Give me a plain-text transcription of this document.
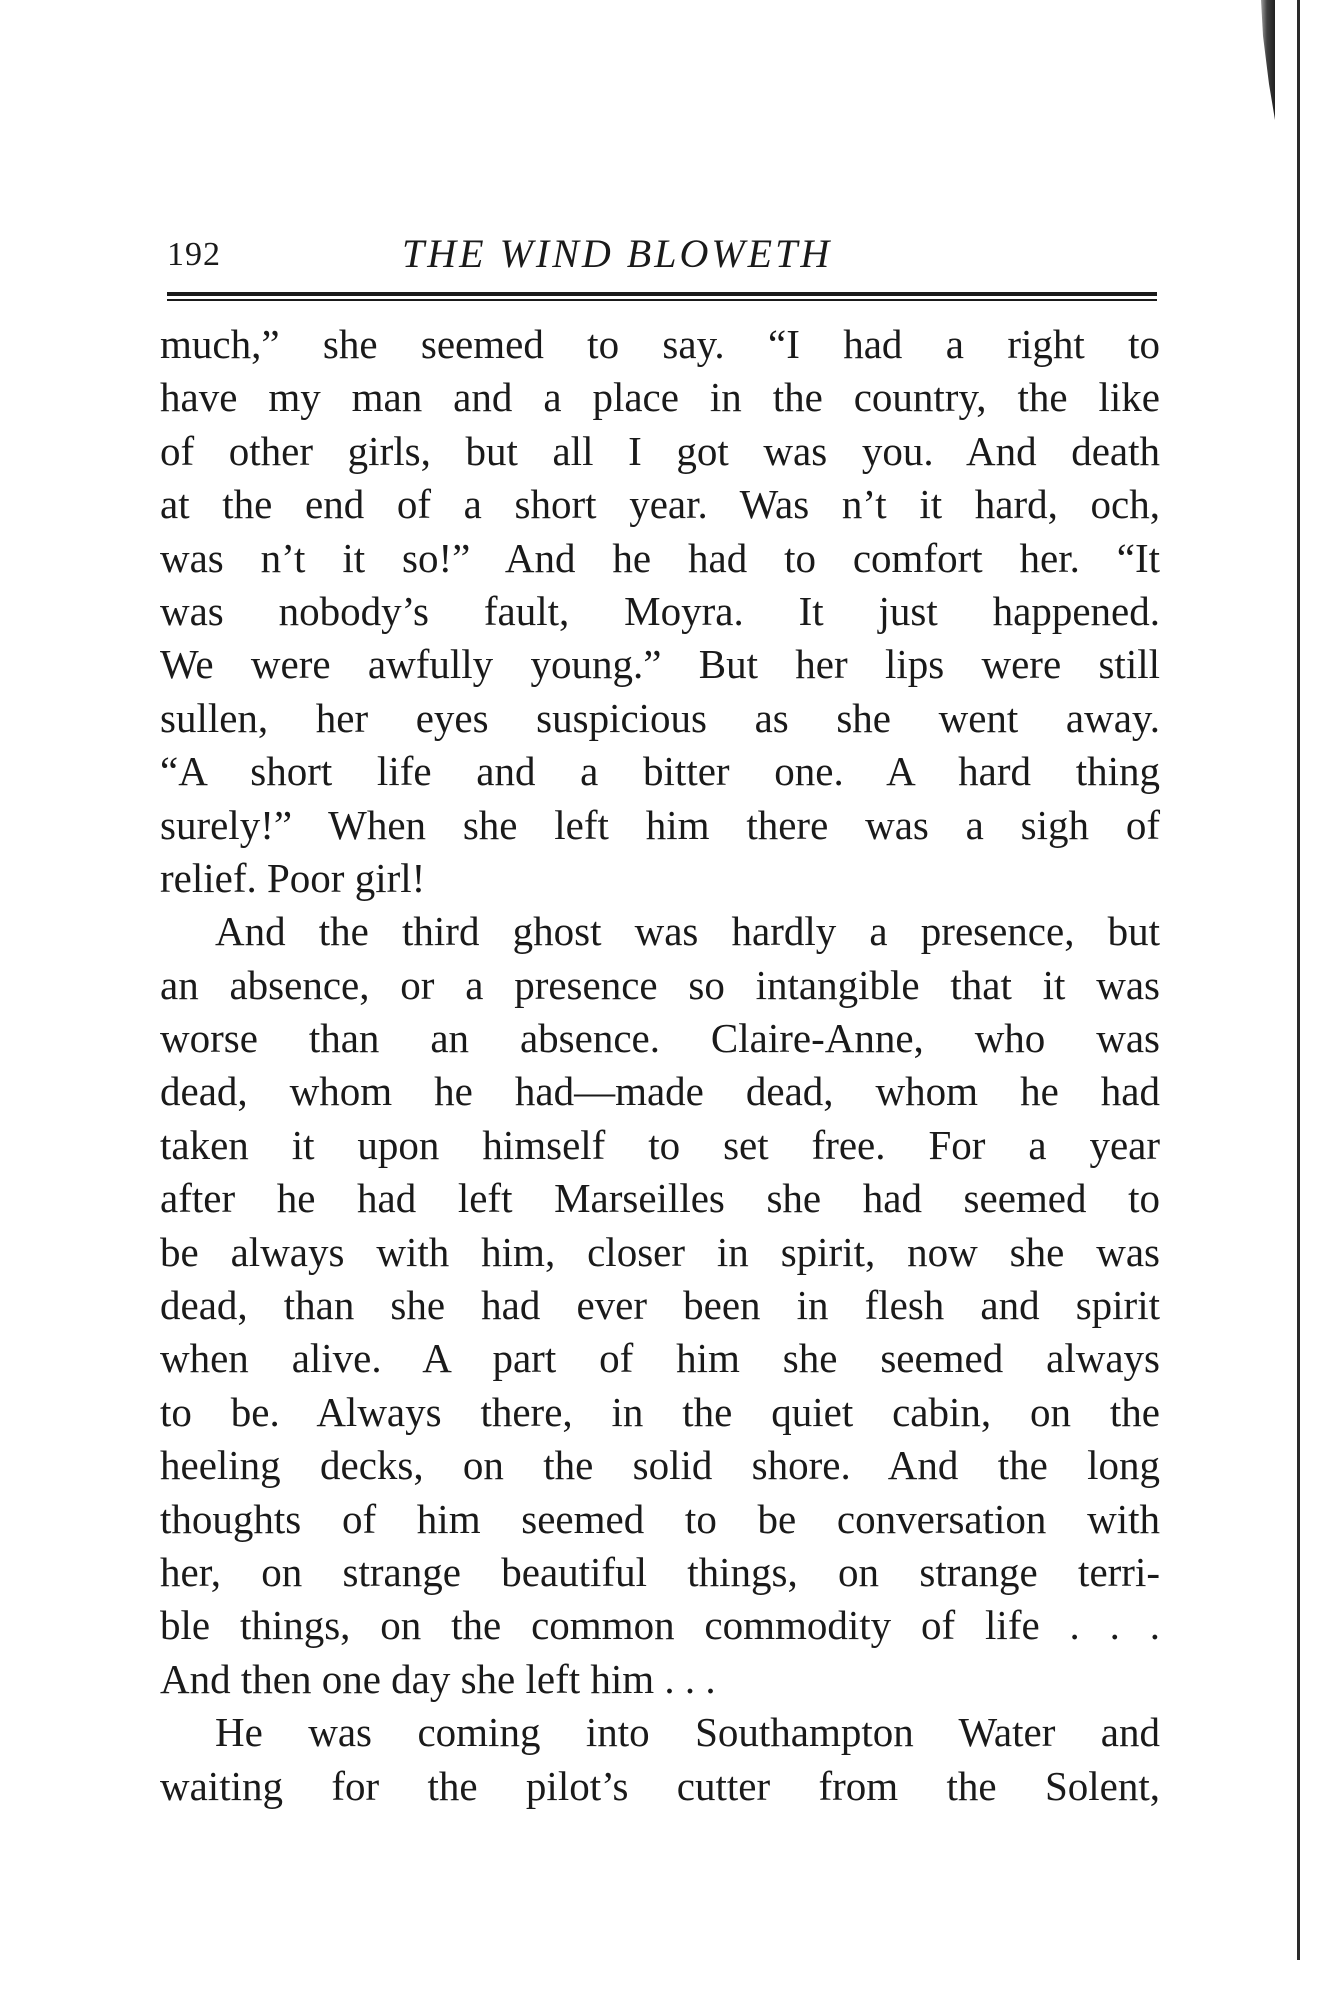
192	THE WIND BLOWETH
much,” she seemed to say. “I had a right to
have my man and a place in the country, the like
of other girls, but all I got was you. And death
at the end of a short year. Was n’t it hard, och,
was n’t it so!” And he had to comfort her. “It
was nobody’s fault, Moyra. It just happened.
We were awfully young.” But her lips were still
sullen, her eyes suspicious as she went away.
“A short life and a bitter one. A hard thing
surely!” When she left him there was a sigh of
relief. Poor girl!
And the third ghost was hardly a presence, but
an absence, or a presence so intangible that it was
worse than an absence. Claire-Anne, who was
dead, whom he had—made dead, whom he had
taken it upon himself to set free. For a year
after he had left Marseilles she had seemed to
be always with him, closer in spirit, now she was
dead, than she had ever been in flesh and spirit
when alive. A part of him she seemed always
to be. Always there, in the quiet cabin, on the
heeling decks, on the solid shore. And the long
thoughts of him seemed to be conversation with
her, on strange beautiful things, on strange terri-
ble things, on the common commodity of life . . .
And then one day she left him . . .
He was coming into Southampton Water and
waiting for the pilot’s cutter from the Solent,
